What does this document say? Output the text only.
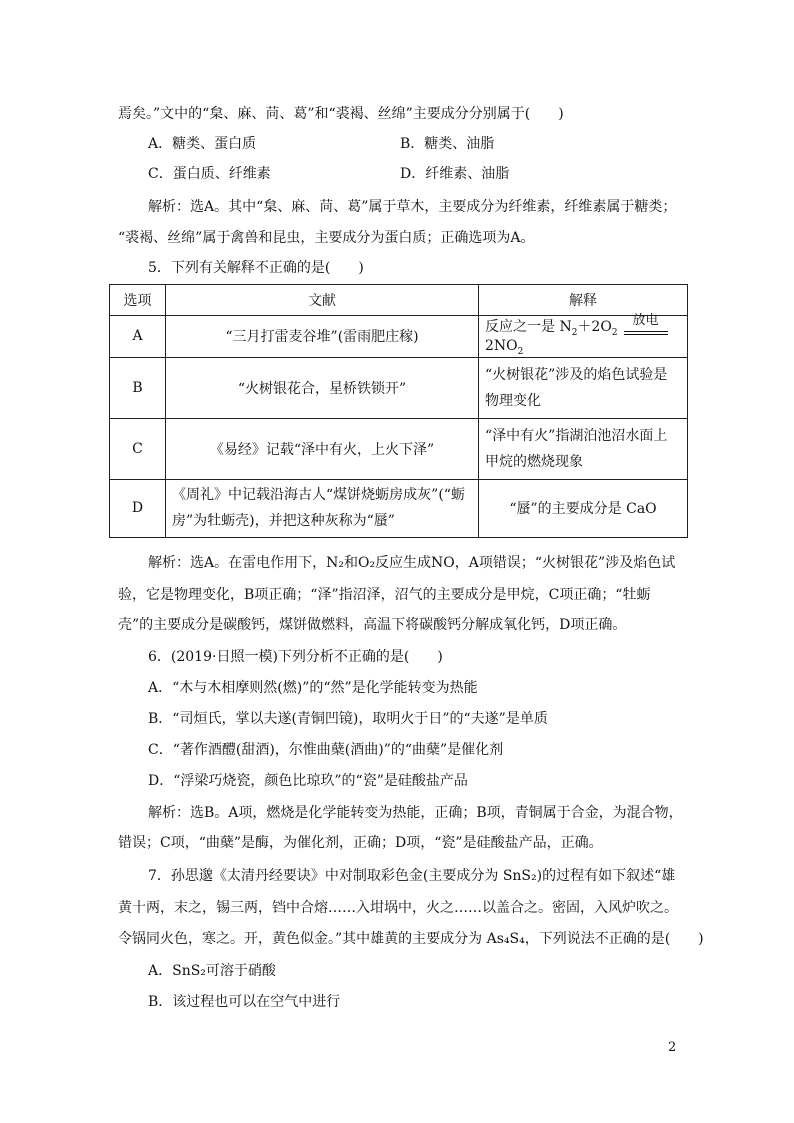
焉矣。”文中的“枲、麻、苘、葛”和“裘褐、丝绵”主要成分分别属于(　　)
A．糖类、蛋白质	B．糖类、油脂
C．蛋白质、纤维素	D．纤维素、油脂
解析：选A。其中“枲、麻、苘、葛”属于草木，主要成分为纤维素，纤维素属于糖类；
“裘褐、丝绵”属于禽兽和昆虫，主要成分为蛋白质；正确选项为A。
5．下列有关解释不正确的是(　　)
选项	文献	解释
A	“三月打雷麦谷堆”(雷雨肥庄稼)	反应之一是 $N_2+2O_2$
放电
$2NO_2$
B	“火树银花合，星桥铁锁开”	“火树银花”涉及的焰色试验是
物理变化

C	《易经》记载“泽中有火，上火下泽”	“泽中有火”指湖泊池沼水面上
甲烷的燃烧现象

D	《周礼》中记载沿海古人“煤饼烧蛎房成灰”(“蛎
房”为牡蛎壳)，并把这种灰称为“蜃”	“蜃”的主要成分是 CaO
解析：选A。在雷电作用下，N₂和O₂反应生成NO，A项错误；“火树银花”涉及焰色试
验，它是物理变化，B项正确；“泽”指沼泽，沼气的主要成分是甲烷，C项正确；“牡蛎
壳”的主要成分是碳酸钙，煤饼做燃料，高温下将碳酸钙分解成氧化钙，D项正确。
6．(2019·日照一模)下列分析不正确的是(　　)
A．“木与木相摩则然(燃)”的“然”是化学能转变为热能
B．“司烜氏，掌以夫遂(青铜凹镜)，取明火于日”的“夫遂”是单质
C．“著作酒醴(甜酒)，尔惟曲蘖(酒曲)”的“曲蘖”是催化剂
D．“浮梁巧烧瓷，颜色比琼玖”的“瓷”是硅酸盐产品
解析：选B。A项，燃烧是化学能转变为热能，正确；B项，青铜属于合金，为混合物，
错误；C项，“曲蘖”是酶，为催化剂，正确；D项，“瓷”是硅酸盐产品，正确。
7．孙思邈《太清丹经要诀》中对制取彩色金(主要成分为 SnS₂)的过程有如下叙述“雄
黄十两，末之，锡三两，铛中合熔……入坩埚中，火之……以盖合之。密固，入风炉吹之。
令锅同火色，寒之。开，黄色似金。”其中雄黄的主要成分为 As₄S₄，下列说法不正确的是(　　)
A．SnS₂可溶于硝酸
B．该过程也可以在空气中进行
2
